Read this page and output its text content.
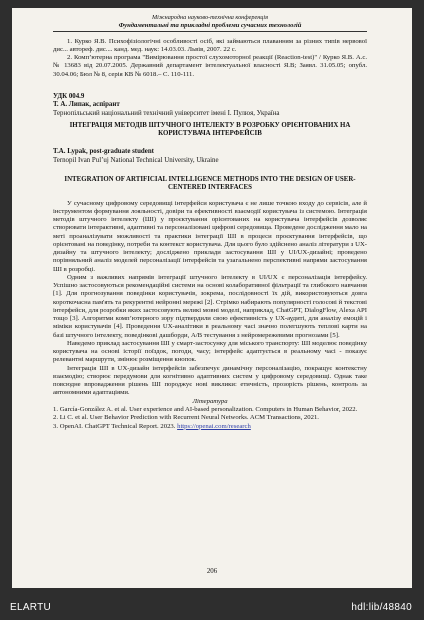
Міжнародна науково-технічна конференція
Фундаментальні та прикладні проблеми сучасних технологій

1. Курко Я.В. Психофізіологічні особливості осіб, які займаються плаванням за різних типів нервової дис... автореф. дис.... канд. мед. наук: 14.03.03. Львів, 2007. 22 с.

2. Комп’ютерна програма "Вимірювання простої слухомоторної реакції (Reaction-test)" / Курко Я.В. А.с. № 13683 від 20.07.2005. Державний департамент інтелектуальної власності Я.В; Заявл. 31.05.05; опубл. 30.04.06; Бюл № 8, серія КВ № 6018.– С. 110-111.

УДК 004.9
Т. А. Липак, аспірант
Тернопільський національний технічний університет імені І. Пулюя, Україна
ІНТЕГРАЦІЯ МЕТОДІВ ШТУЧНОГО ІНТЕЛЕКТУ В РОЗРОБКУ ОРІЄНТОВАНИХ НА КОРИСТУВАЧА ІНТЕРФЕЙСІВ
T.A. Lypak, post-graduate student
Ternopil Ivan Pul’uj National Technical University, Ukraine
INTEGRATION OF ARTIFICIAL INTELLIGENCE METHODS INTO THE DESIGN OF USER-CENTERED INTERFACES

У сучасному цифровому середовищі інтерфейси користувача є не лише точкою входу до сервісів, але й інструментом формування лояльності, довіри та ефективності взаємодії користувача із системою. Інтеграція методів штучного інтелекту (ШІ) у проєктування орієнтованих на користувача інтерфейсів дозволяє створювати інтерактивні, адаптивні та персоналізовані цифрові середовища. Проведене дослідження мало на меті проаналізувати можливості та практики інтеграції ШІ в процеси проєктування інтерфейсів, що орієнтовані на поведінку, потреби та контекст користувача. Для цього було здійснено аналіз літератури з UX-дизайну та штучного інтелекту; досліджено приклади застосування ШІ у UI/UX-дизайні; проведено порівняльний аналіз моделей персоналізації інтерфейсів та узагальнено перспективні напрями застосування ШІ в розробці.

Одним з важливих напрямів інтеграції штучного інтелекту в UI/UX є персоналізація інтерфейсу. Успішно застосовуються рекомендаційні системи на основі колаборативної фільтрації та глибокого навчання [1]. Для прогнозування поведінки користувачів, зокрема, послідовності їх дій, використовуються довга короткочасна пам'ять та рекурентні нейронні мережі [2]. Стрімко набирають популярності голосові й текстові інтерфейси, для розробки яких застосовують великі мовні моделі, наприклад, ChatGPT, DialogFlow, Alexa API тощо [3]. Алгоритми комп’ютерного зору підтвердили свою ефективність у UX-аудиті, для аналізу емоцій і міміки користувачів [4]. Проведення UX-аналітики в реальному часі значно полегшують теплові карти на базі штучного інтелекту, поведінкові дашборди, A/B тестування з нейромережевими прогнозами [5].

Наведемо приклад застосування ШІ у смарт-застосунку для міського транспорту: ШІ моделює поведінку користувача на основі історії поїздок, погоди, часу; інтерфейс адаптується в реальному часі - показує релевантні маршрути, змінює розміщення кнопок.

Інтеграція ШІ в UX-дизайн інтерфейсів забезпечує динамічну персоналізацію, покращує контекстну взаємодію; створює передумови для когнітивно адаптивних систем у цифровому середовищі. Однак таке повсюдне впровадження рішень ШІ породжує нові виклики: етичність, прозорість рішень, контроль за автономними адаптаціями.

Література

1. García-González A. et al. User experience and AI-based personalization. Computers in Human Behavior, 2022.

2. Li C. et al. User Behavior Prediction with Recurrent Neural Networks. ACM Transactions, 2021.

3. OpenAI. ChatGPT Technical Report. 2023. https://openai.com/research

206
ELARTU	hdl:lib/48840
